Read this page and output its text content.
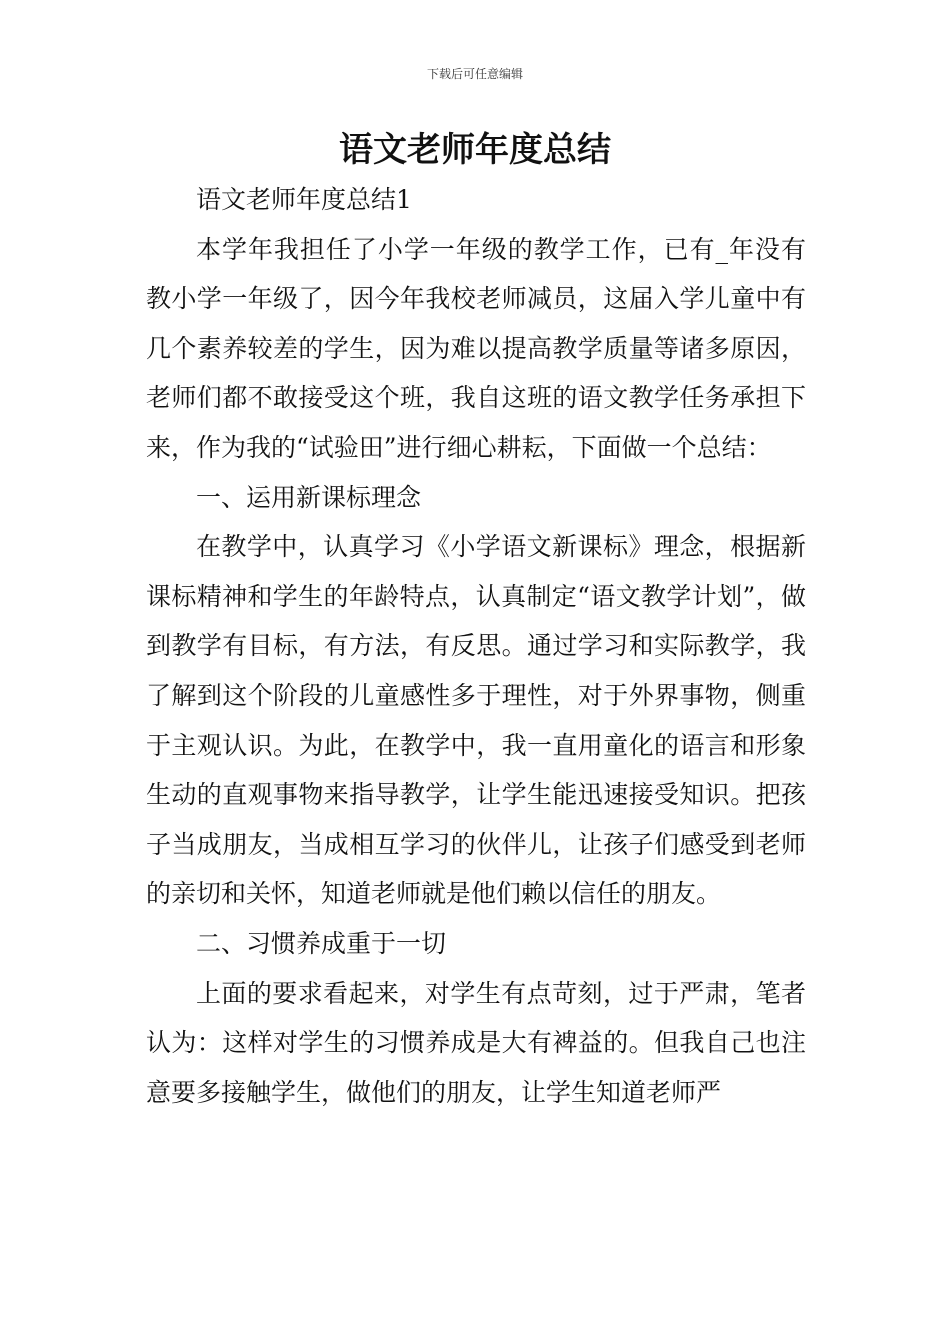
下载后可任意编辑
语文老师年度总结

语文老师年度总结1

本学年我担任了小学一年级的教学工作，已有_年没有教小学一年级了，因今年我校老师减员，这届入学儿童中有几个素养较差的学生，因为难以提高教学质量等诸多原因，老师们都不敢接受这个班，我自这班的语文教学任务承担下来，作为我的“试验田”进行细心耕耘，下面做一个总结：

一、运用新课标理念

在教学中，认真学习《小学语文新课标》理念，根据新课标精神和学生的年龄特点，认真制定“语文教学计划”，做到教学有目标，有方法，有反思。通过学习和实际教学，我了解到这个阶段的儿童感性多于理性，对于外界事物，侧重于主观认识。为此，在教学中，我一直用童化的语言和形象生动的直观事物来指导教学，让学生能迅速接受知识。把孩子当成朋友，当成相互学习的伙伴儿，让孩子们感受到老师的亲切和关怀，知道老师就是他们赖以信任的朋友。

二、习惯养成重于一切

上面的要求看起来，对学生有点苛刻，过于严肃，笔者认为：这样对学生的习惯养成是大有裨益的。但我自己也注意要多接触学生，做他们的朋友，让学生知道老师严
